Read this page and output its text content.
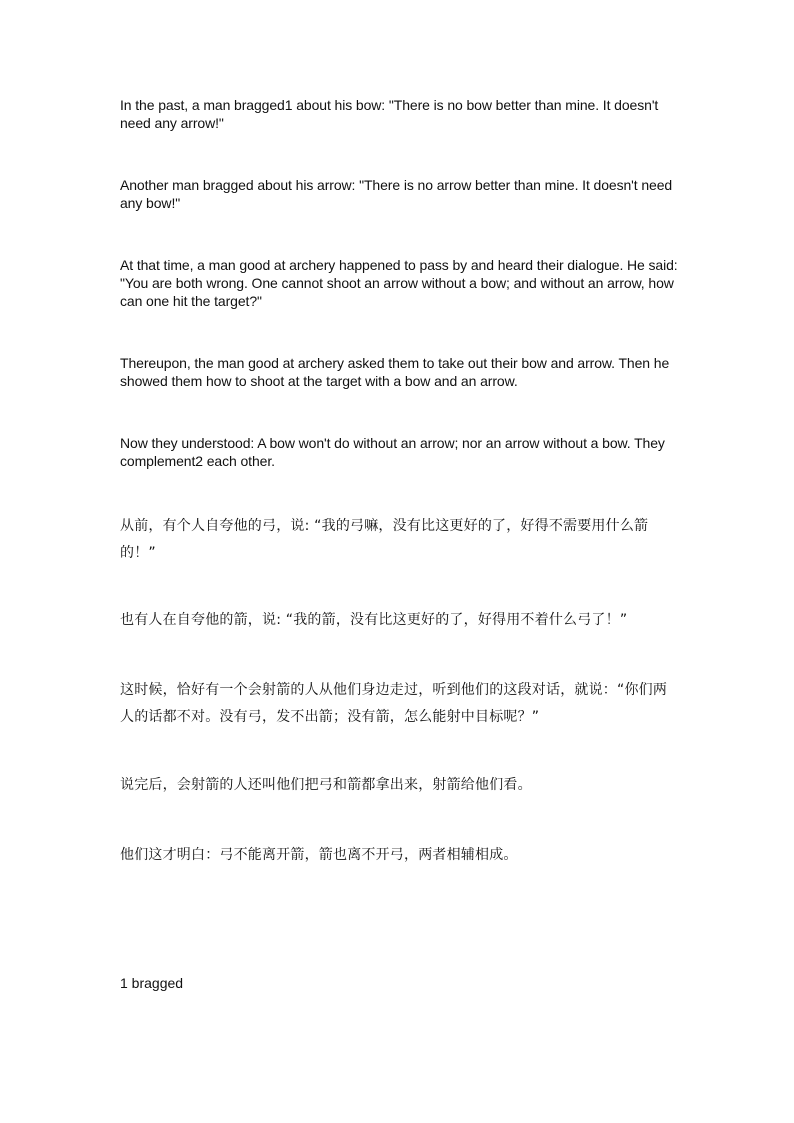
In the past, a man bragged1 about his bow: "There is no bow better than mine. It doesn't need any arrow!"

Another man bragged about his arrow: "There is no arrow better than mine. It doesn't need any bow!"

At that time, a man good at archery happened to pass by and heard their dialogue. He said: "You are both wrong. One cannot shoot an arrow without a bow; and without an arrow, how can one hit the target?"

Thereupon, the man good at archery asked them to take out their bow and arrow. Then he showed them how to shoot at the target with a bow and an arrow.

Now they understood: A bow won't do without an arrow; nor an arrow without a bow. They complement2 each other.

从前，有个人自夸他的弓，说: “我的弓嘛，没有比这更好的了，好得不需要用什么箭的！”

也有人在自夸他的箭，说: “我的箭，没有比这更好的了，好得用不着什么弓了！”

这时候，恰好有一个会射箭的人从他们身边走过，听到他们的这段对话，就说：“你们两人的话都不对。没有弓，发不出箭；没有箭，怎么能射中目标呢？”

说完后，会射箭的人还叫他们把弓和箭都拿出来，射箭给他们看。

他们这才明白：弓不能离开箭，箭也离不开弓，两者相辅相成。

1 bragged
